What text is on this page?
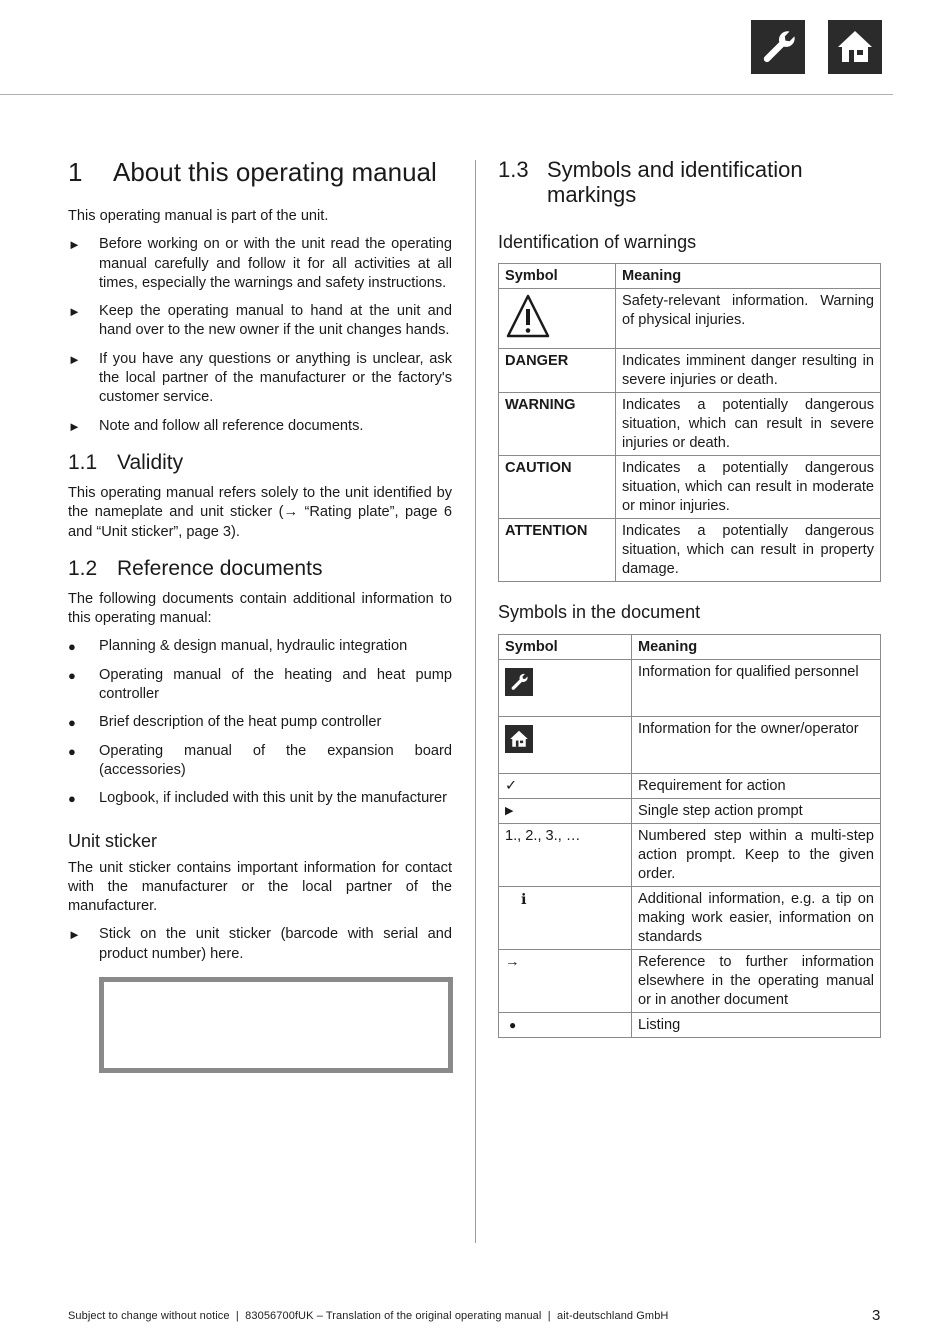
1	About this operating manual

This operating manual is part of the unit.

►	Before working on or with the unit read the operating manual carefully and follow it for all activities at all times, especially the warnings and safety instructions.
►	Keep the operating manual to hand at the unit and hand over to the new owner if the unit changes hands.
►	If you have any questions or anything is unclear, ask the local partner of the manufacturer or the factory's customer service.
►	Note and follow all reference documents.
1.1 Validity

This operating manual refers solely to the unit identified by the nameplate and unit sticker (→ “Rating plate”, page 6 and “Unit sticker”, page 3).

1.2 Reference documents

The following documents contain additional information to this operating manual:

●	Planning & design manual, hydraulic integration
●	Operating manual of the heating and heat pump controller
●	Brief description of the heat pump controller
●	Operating manual of the expansion board (accessories)
●	Logbook, if included with this unit by the manufacturer
Unit sticker

The unit sticker contains important information for contact with the manufacturer or the local partner of the manufacturer.

►	Stick on the unit sticker (barcode with serial and product number) here.
1.3 Symbols and identification markings
Identification of warnings
Symbol	Meaning
	Safety-relevant information. Warning of physical injuries.
DANGER	Indicates imminent danger resulting in severe injuries or death.
WARNING	Indicates a potentially dangerous situation, which can result in severe injuries or death.
CAUTION	Indicates a potentially dangerous situation, which can result in moderate or minor injuries.
ATTENTION	Indicates a potentially dangerous situation, which can result in property damage.
Symbols in the document
Symbol	Meaning

	Information for qualified personnel

	Information for the owner/operator
✓	Requirement for action
▶	Single step action prompt
1., 2., 3., …	Numbered step within a multi-step action prompt. Keep to the given order.
ℹ	Additional information, e.g. a tip on making work easier, information on standards
→	Reference to further information elsewhere in the operating manual or in another document
●	Listing
Subject to change without notice  |  83056700fUK – Translation of the original operating manual  |  ait-deutschland GmbH	3
